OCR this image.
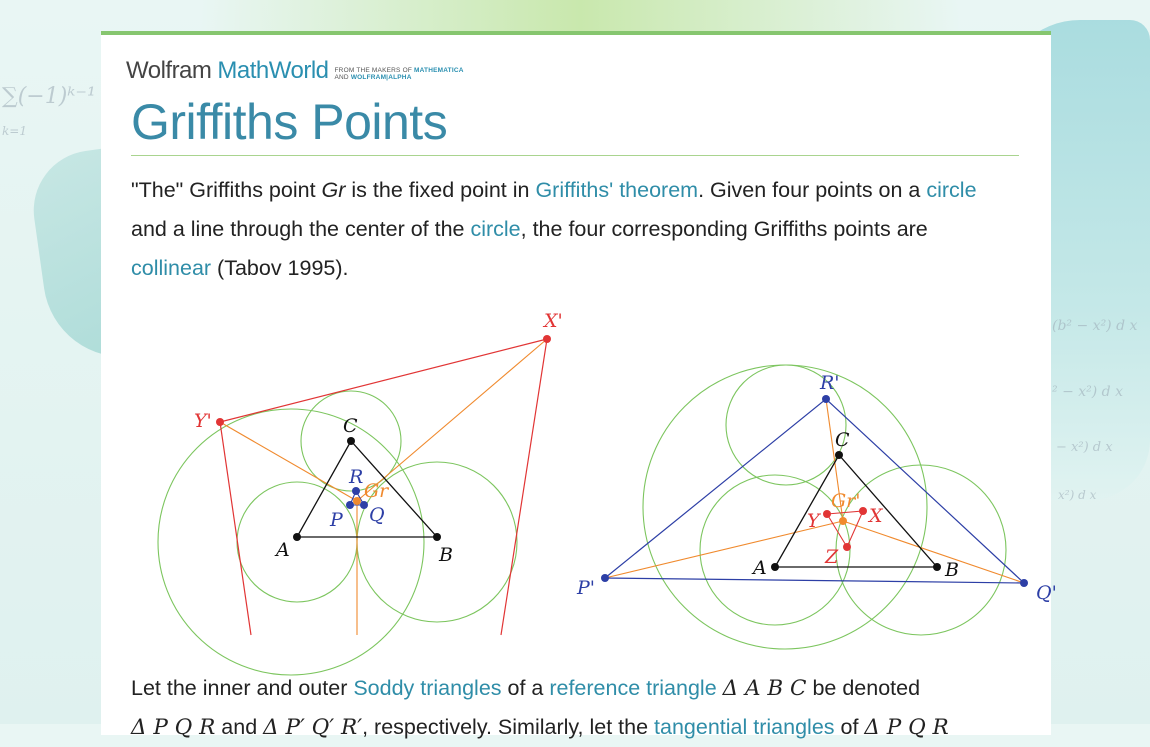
∑(−1)ᵏ⁻¹
k=1
(b² − x²) d x
² − x²) d x
− x²) d x
x²) d x
Wolfram MathWorld FROM THE MAKERS OF MATHEMATICA
AND WOLFRAM|ALPHA
Griffiths Points

"The" Griffiths point Gr is the fixed point in Griffiths' theorem. Given four points on a circle and a line through the center of the circle, the four corresponding Griffiths points are collinear (Tabov 1995).

X'
Y'	C
R
Gr
P Q
A	B
R'
C
Gr'
Y	X
Z
P'
A	B
Q'

Let the inner and outer Soddy triangles of a reference triangle Δ A B C be denoted
Δ P Q R and Δ P′ Q′ R′, respectively. Similarly, let the tangential triangles of Δ P Q R
